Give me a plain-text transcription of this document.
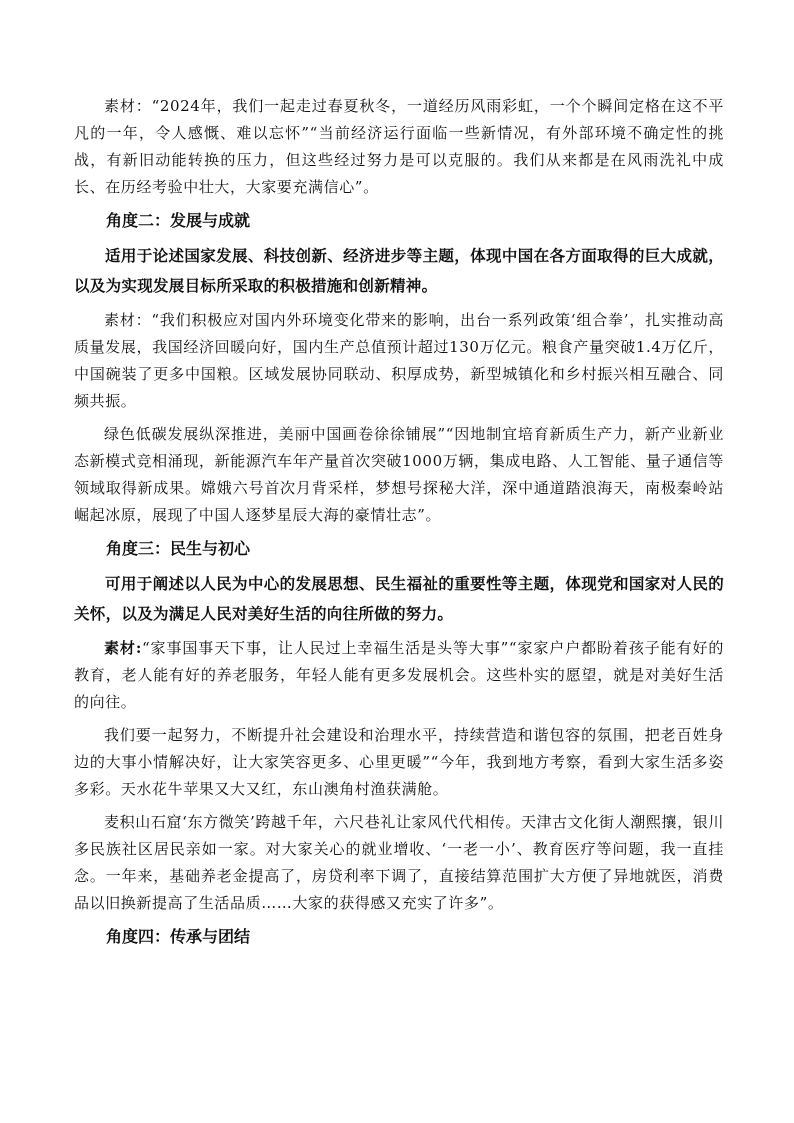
素材：“2024年，我们一起走过春夏秋冬，一道经历风雨彩虹，一个个瞬间定格在这不平凡的一年，令人感慨、难以忘怀”“当前经济运行面临一些新情况，有外部环境不确定性的挑战，有新旧动能转换的压力，但这些经过努力是可以克服的。我们从来都是在风雨洗礼中成长、在历经考验中壮大，大家要充满信心”。

角度二：发展与成就

适用于论述国家发展、科技创新、经济进步等主题，体现中国在各方面取得的巨大成就，以及为实现发展目标所采取的积极措施和创新精神。

素材：“我们积极应对国内外环境变化带来的影响，出台一系列政策‘组合拳’，扎实推动高质量发展，我国经济回暖向好，国内生产总值预计超过130万亿元。粮食产量突破1.4万亿斤，中国碗装了更多中国粮。区域发展协同联动、积厚成势，新型城镇化和乡村振兴相互融合、同频共振。

绿色低碳发展纵深推进，美丽中国画卷徐徐铺展”“因地制宜培育新质生产力，新产业新业态新模式竞相涌现，新能源汽车年产量首次突破1000万辆，集成电路、人工智能、量子通信等领域取得新成果。嫦娥六号首次月背采样，梦想号探秘大洋，深中通道踏浪海天，南极秦岭站崛起冰原，展现了中国人逐梦星辰大海的豪情壮志”。

角度三：民生与初心

可用于阐述以人民为中心的发展思想、民生福祉的重要性等主题，体现党和国家对人民的关怀，以及为满足人民对美好生活的向往所做的努力。

素材:“家事国事天下事，让人民过上幸福生活是头等大事”“家家户户都盼着孩子能有好的教育，老人能有好的养老服务，年轻人能有更多发展机会。这些朴实的愿望，就是对美好生活的向往。

我们要一起努力，不断提升社会建设和治理水平，持续营造和谐包容的氛围，把老百姓身边的大事小情解决好，让大家笑容更多、心里更暖”“今年，我到地方考察，看到大家生活多姿多彩。天水花牛苹果又大又红，东山澳角村渔获满舱。

麦积山石窟‘东方微笑’跨越千年，六尺巷礼让家风代代相传。天津古文化街人潮熙攘，银川多民族社区居民亲如一家。对大家关心的就业增收、‘一老一小’、教育医疗等问题，我一直挂念。一年来，基础养老金提高了，房贷利率下调了，直接结算范围扩大方便了异地就医，消费品以旧换新提高了生活品质……大家的获得感又充实了许多”。

角度四：传承与团结
